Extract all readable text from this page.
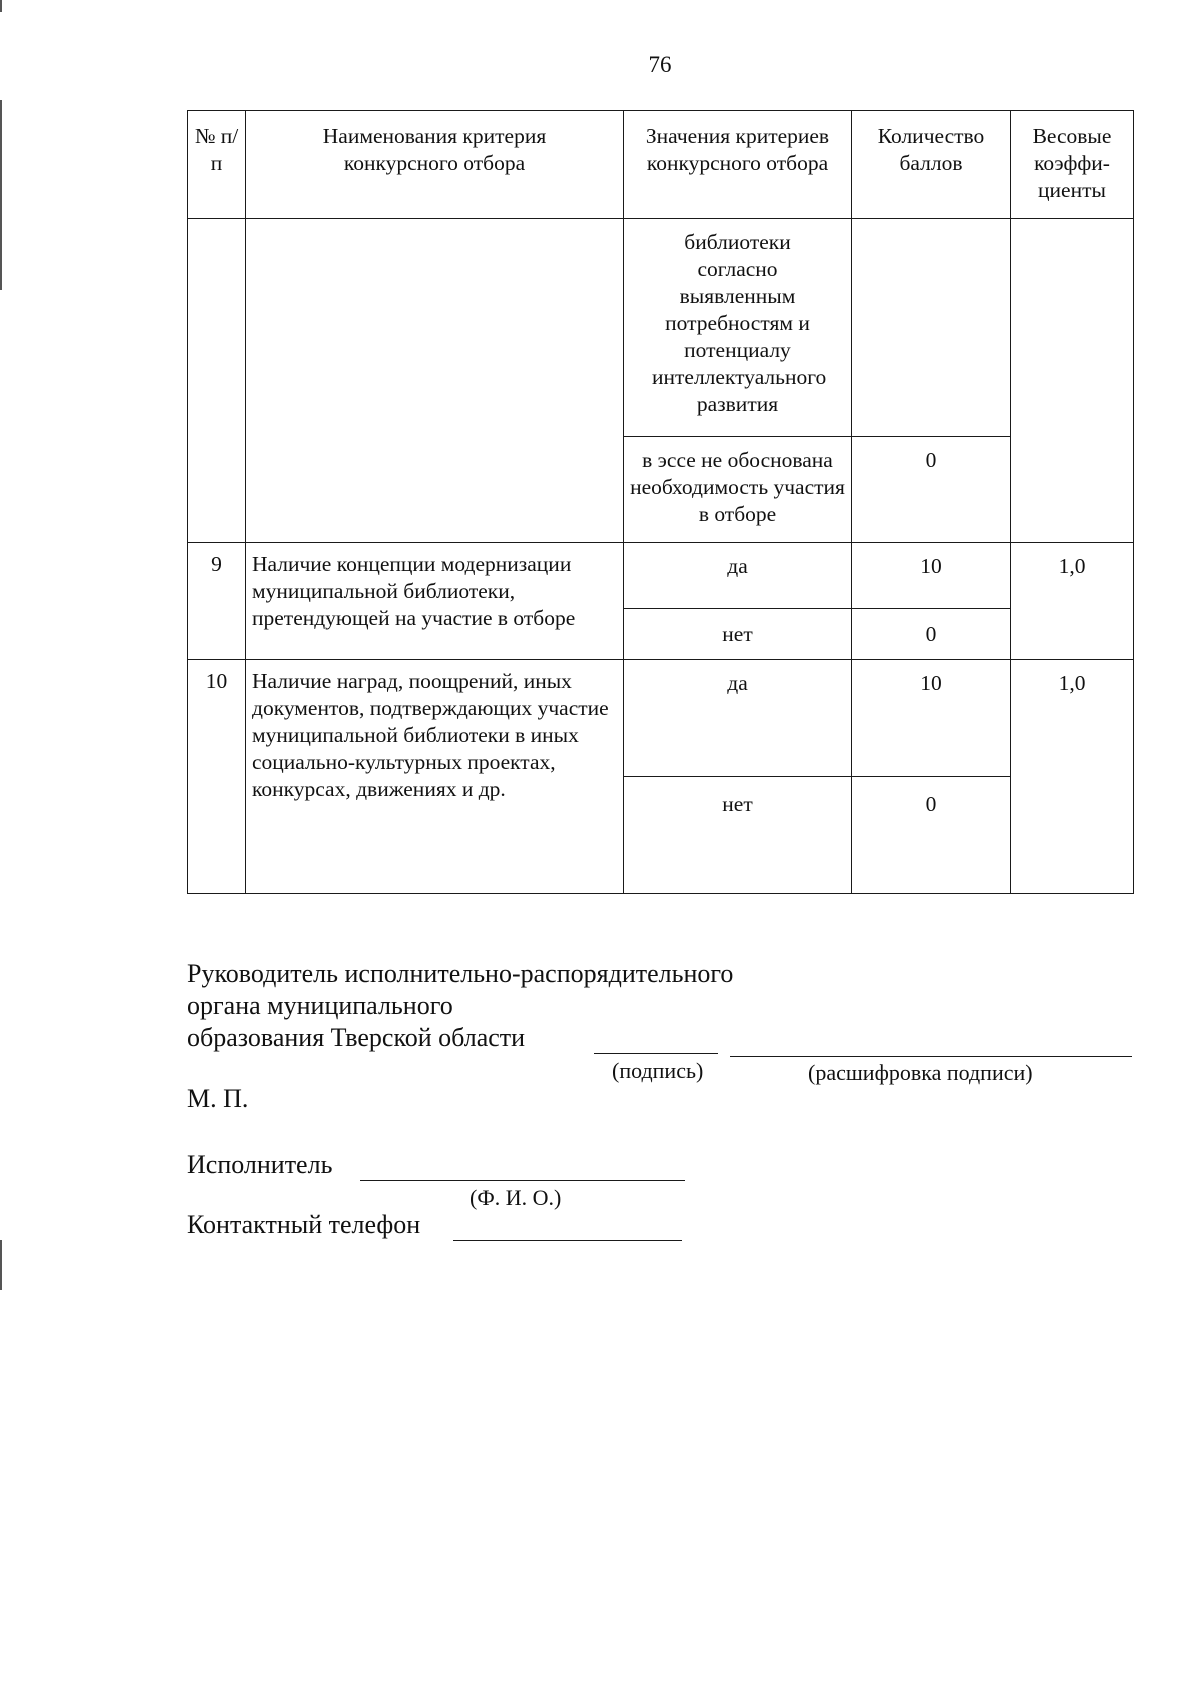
76
№ п/п	Наименования критерия конкурсного отбора	Значения критериев конкурсного отбора	Количество баллов	Весовые коэффи-циенты
		библиотеки согласно выявленным потребностям и потенциалу интеллектуального развития		
		в эссе не обоснована необходимость участия в отборе	0	
9	Наличие концепции модернизации муниципальной библиотеки, претендующей на участие в отборе	да	10	1,0
		нет	0	
10	Наличие наград, поощрений, иных документов, подтверждающих участие муниципальной библиотеки в иных социально-культурных проектах, конкурсах, движениях и др.	да	10	1,0
		нет	0	
Руководитель исполнительно-распорядительного
органа муниципального
образования Тверской области
(подпись)	(расшифровка подписи)
М. П.
Исполнитель
(Ф. И. О.)
Контактный телефон
